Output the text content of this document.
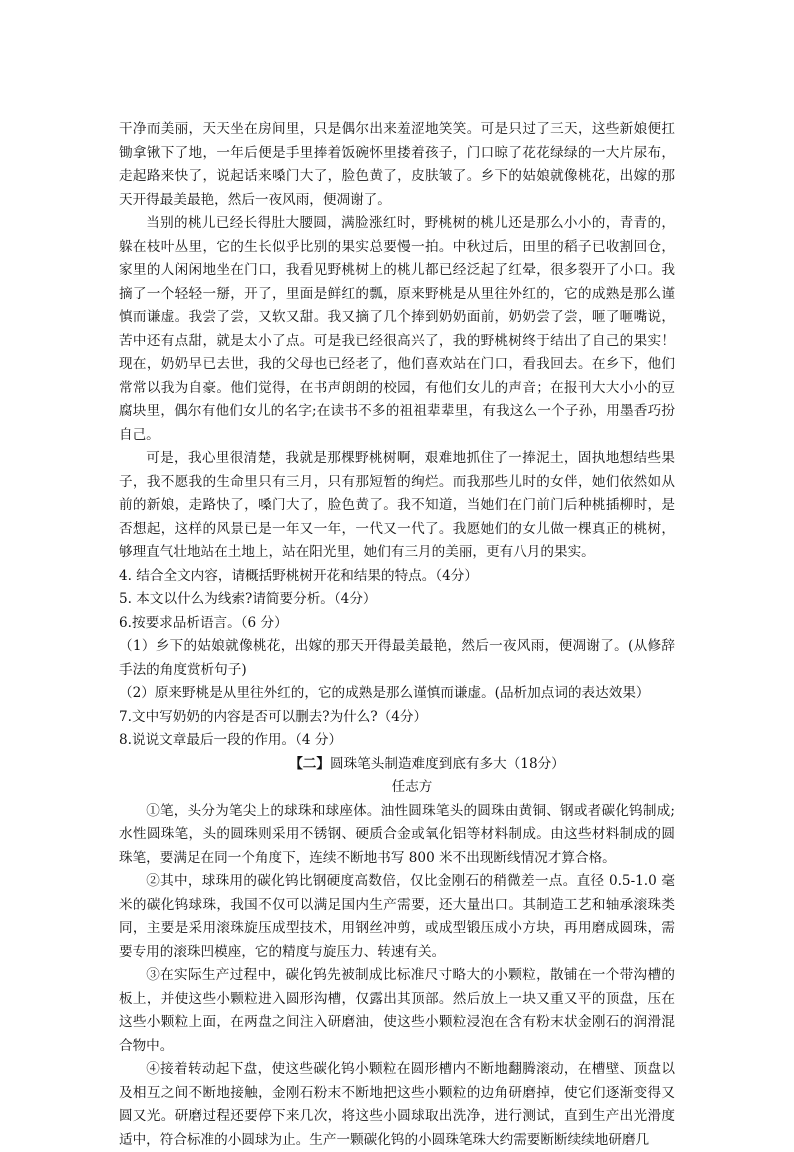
干净而美丽，天天坐在房间里，只是偶尔出来羞涩地笑笑。可是只过了三天，这些新娘便扛锄拿锹下了地，一年后便是手里捧着饭碗怀里搂着孩子，门口晾了花花绿绿的一大片尿布，走起路来快了，说起话来嗓门大了，脸色黄了，皮肤皱了。乡下的姑娘就像桃花，出嫁的那天开得最美最艳，然后一夜风雨，便凋谢了。

当别的桃儿已经长得肚大腰圆，满脸涨红时，野桃树的桃儿还是那么小小的，青青的，躲在枝叶丛里，它的生长似乎比别的果实总要慢一拍。中秋过后，田里的稻子已收割回仓，家里的人闲闲地坐在门口，我看见野桃树上的桃儿都已经泛起了红晕，很多裂开了小口。我摘了一个轻轻一掰，开了，里面是鲜红的瓢，原来野桃是从里往外红的，它的成熟是那么谨慎而谦虚。我尝了尝，又软又甜。我又摘了几个捧到奶奶面前，奶奶尝了尝，咂了咂嘴说，苦中还有点甜，就是太小了点。可是我已经很高兴了，我的野桃树终于结出了自己的果实！现在，奶奶早已去世，我的父母也已经老了，他们喜欢站在门口，看我回去。在乡下，他们常常以我为自豪。他们觉得，在书声朗朗的校园，有他们女儿的声音；在报刊大大小小的豆腐块里，偶尔有他们女儿的名字;在读书不多的祖祖辈辈里，有我这么一个子孙，用墨香巧扮自己。

可是，我心里很清楚，我就是那棵野桃树啊，艰难地抓住了一捧泥土，固执地想结些果子，我不愿我的生命里只有三月，只有那短暂的绚烂。而我那些儿时的女伴，她们依然如从前的新娘，走路快了，嗓门大了，脸色黄了。我不知道，当她们在门前门后种桃插柳时，是否想起，这样的风景已是一年又一年，一代又一代了。我愿她们的女儿做一棵真正的桃树，够理直气壮地站在土地上，站在阳光里，她们有三月的美丽，更有八月的果实。

4. 结合全文内容，请概括野桃树开花和结果的特点。（4分）

5. 本文以什么为线索?请简要分析。（4分）

6.按要求品析语言。（6 分）

（1）乡下的姑娘就像桃花，出嫁的那天开得最美最艳，然后一夜风雨，便凋谢了。(从修辞手法的角度赏析句子)

（2）原来野桃是从里往外红的，它的成熟是那么谨慎而谦虚。(品析加点词的表达效果）

7.文中写奶奶的内容是否可以删去?为什么?（4分）

8.说说文章最后一段的作用。（4 分）

【二】圆珠笔头制造难度到底有多大（18分）

任志方

①笔，头分为笔尖上的球珠和球座体。油性圆珠笔头的圆珠由黄铜、钢或者碳化钨制成;水性圆珠笔，头的圆珠则采用不锈钢、硬质合金或氧化铝等材料制成。由这些材料制成的圆珠笔，要满足在同一个角度下，连续不断地书写 800 米不出现断线情况才算合格。

②其中，球珠用的碳化钨比钢硬度高数倍，仅比金刚石的稍微差一点。直径 0.5-1.0 毫米的碳化钨球珠，我国不仅可以满足国内生产需要，还大量出口。其制造工艺和轴承滚珠类同，主要是采用滚珠旋压成型技术，用钢丝冲剪，或成型锻压成小方块，再用磨成圆珠，需要专用的滚珠凹模座，它的精度与旋压力、转速有关。

③在实际生产过程中，碳化钨先被制成比标准尺寸略大的小颗粒，散铺在一个带沟槽的板上，并使这些小颗粒进入圆形沟槽，仅露出其顶部。然后放上一块又重又平的顶盘，压在这些小颗粒上面，在两盘之间注入研磨油，使这些小颗粒浸泡在含有粉末状金刚石的润滑混合物中。

④接着转动起下盘，使这些碳化钨小颗粒在圆形槽内不断地翻腾滚动，在槽壁、顶盘以及相互之间不断地接触，金刚石粉末不断地把这些小颗粒的边角研磨掉，使它们逐渐变得又圆又光。研磨过程还要停下来几次，将这些小圆球取出洗净，进行测试，直到生产出光滑度适中，符合标准的小圆球为止。生产一颗碳化钨的小圆珠笔珠大约需要断断续续地研磨几
